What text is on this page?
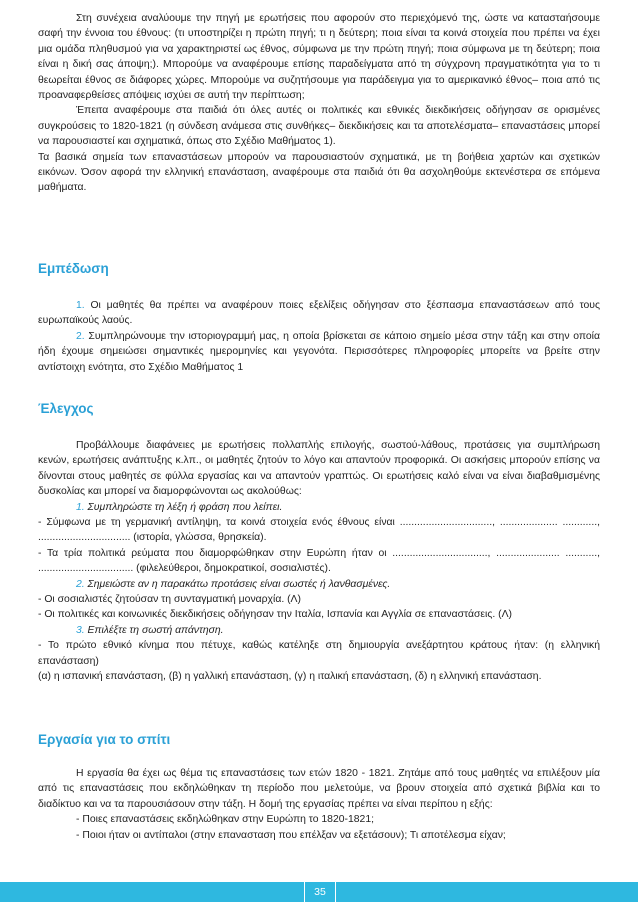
Στη συνέχεια αναλύουμε την πηγή με ερωτήσεις που αφορούν στο περιεχόμενό της, ώστε να κατασταήσουμε σαφή την έννοια του έθνους: (τι υποστηρίζει η πρώτη πηγή; τι η δεύτερη; ποια είναι τα κοινά στοιχεία που πρέπει να έχει μια ομάδα πληθυσμού για να χαρακτηριστεί ως έθνος, σύμφωνα με την πρώτη πηγή; ποια σύμφωνα με τη δεύτερη; ποια είναι η δική σας άποψη;). Μπορούμε να αναφέρουμε επίσης παραδείγματα από τη σύγχρονη πραγματικότητα για το τι θεωρείται έθνος σε διάφορες χώρες. Μπορούμε να συζητήσουμε για παράδειγμα για το αμερικανικό έθνος– ποια από τις προαναφερθείσες απόψεις ισχύει σε αυτή την περίπτωση;

Έπειτα αναφέρουμε στα παιδιά ότι όλες αυτές οι πολιτικές και εθνικές διεκδικήσεις οδήγησαν σε ορισμένες συγκρούσεις το 1820-1821 (η σύνδεση ανάμεσα στις συνθήκες– διεκδικήσεις και τα αποτελέσματα– επαναστάσεις μπορεί να παρουσιαστεί και σχηματικά, όπως στο Σχέδιο Μαθήματος 1).

Τα βασικά σημεία των επαναστάσεων μπορούν να παρουσιαστούν σχηματικά, με τη βοήθεια χαρτών και σχετικών εικόνων. Όσον αφορά την ελληνική επανάσταση, αναφέρουμε στα παιδιά ότι θα ασχοληθούμε εκτενέστερα σε επόμενα μαθήματα.

Εμπέδωση

1. Οι μαθητές θα πρέπει να αναφέρουν ποιες εξελίξεις οδήγησαν στο ξέσπασμα επαναστάσεων από τους ευρωπαϊκούς λαούς.

2. Συμπληρώνουμε την ιστοριογραμμή μας, η οποία βρίσκεται σε κάποιο σημείο μέσα στην τάξη και στην οποία ήδη έχουμε σημειώσει σημαντικές ημερομηνίες και γεγονότα. Περισσότερες πληροφορίες μπορείτε να βρείτε στην αντίστοιχη ενότητα, στο Σχέδιο Μαθήματος 1

Έλεγχος

Προβάλλουμε διαφάνειες με ερωτήσεις πολλαπλής επιλογής, σωστού-λάθους, προτάσεις για συμπλήρωση κενών, ερωτήσεις ανάπτυξης κ.λπ., οι μαθητές ζητούν το λόγο και απαντούν προφορικά. Οι ασκήσεις μπορούν επίσης να δίνονται στους μαθητές σε φύλλα εργασίας και να απαντούν γραπτώς. Οι ερωτήσεις καλό είναι να είναι διαβαθμισμένης δυσκολίας και μπορεί να διαμορφώνονται ως ακολούθως:

1. Συμπληρώστε τη λέξη ή φράση που λείπει.

- Σύμφωνα με τη γερμανική αντίληψη, τα κοινά στοιχεία ενός έθνους είναι ................................, .................... ............, ................................ (ιστορία, γλώσσα, θρησκεία).

- Τα τρία πολιτικά ρεύματα που διαμορφώθηκαν στην Ευρώπη ήταν οι ................................., ...................... ..........., ................................. (φιλελεύθεροι, δημοκρατικοί, σοσιαλιστές).

2. Σημειώστε αν η παρακάτω προτάσεις είναι σωστές ή λανθασμένες.

- Οι σοσιαλιστές ζητούσαν τη συνταγματική μοναρχία. (Λ)

- Οι πολιτικές και κοινωνικές διεκδικήσεις οδήγησαν την Ιταλία, Ισπανία και Αγγλία σε επαναστάσεις. (Λ)

3. Επιλέξτε τη σωστή απάντηση.

- Το πρώτο εθνικό κίνημα που πέτυχε, καθώς κατέληξε στη δημιουργία ανεξάρτητου κράτους ήταν: (η ελληνική επανάσταση)

(α) η ισπανική επανάσταση, (β) η γαλλική επανάσταση, (γ) η ιταλική επανάσταση, (δ) η ελληνική επανάσταση.

Εργασία για το σπίτι

Η εργασία θα έχει ως θέμα τις επαναστάσεις των ετών 1820 - 1821. Ζητάμε από τους μαθητές να επιλέξουν μία από τις επαναστάσεις που εκδηλώθηκαν τη περίοδο που μελετούμε, να βρουν στοιχεία από σχετικά βιβλία και το διαδίκτυο και να τα παρουσιάσουν στην τάξη. Η δομή της εργασίας πρέπει να είναι περίπου η εξής:

- Ποιες επαναστάσεις εκδηλώθηκαν στην Ευρώπη το 1820-1821;

- Ποιοι ήταν οι αντίπαλοι (στην επανασταση που επέλξαν να εξετάσουν); Τι αποτέλεσμα είχαν;

35
